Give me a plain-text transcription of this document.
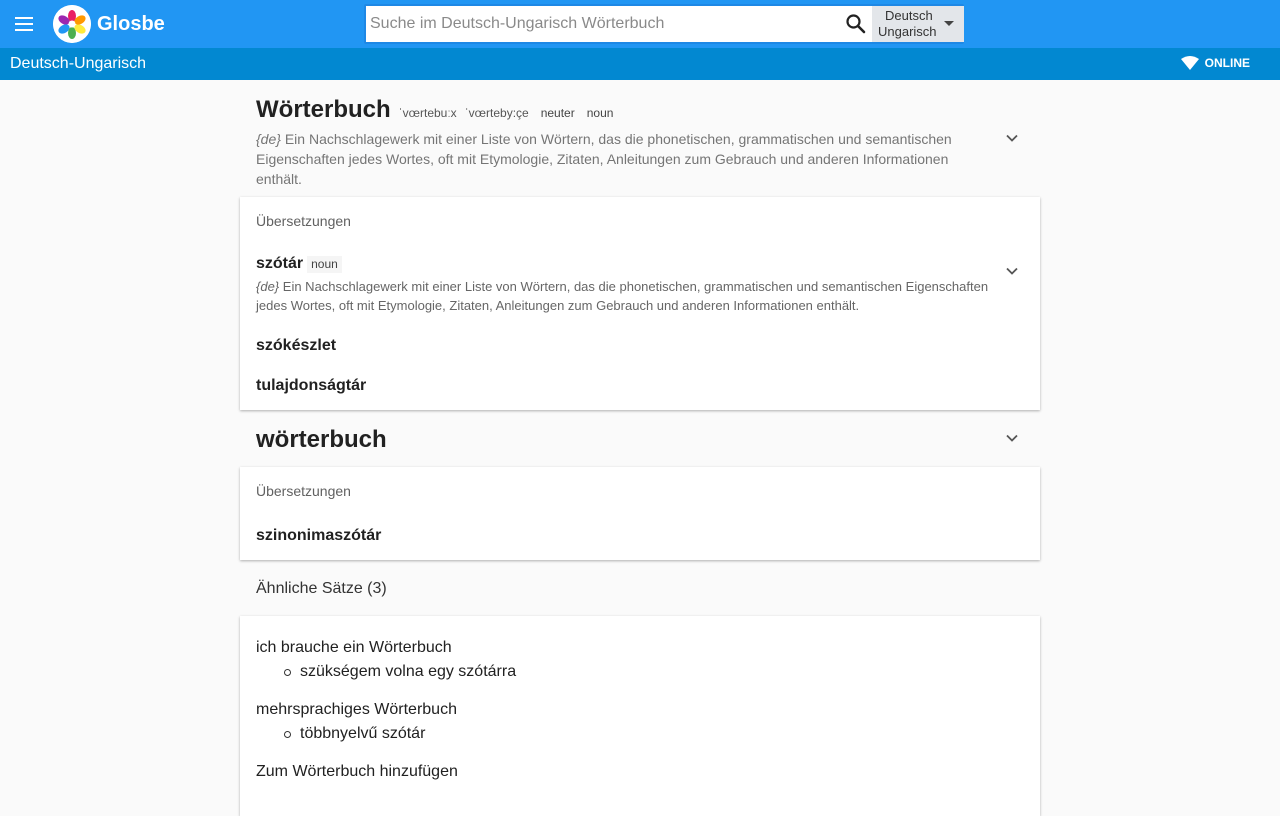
Glosbe
Suche im Deutsch-Ungarisch Wörterbuch	Deutsch
Ungarisch
Deutsch-Ungarisch	ONLINE
Wörterbuch ˈvœrtebuːx ˈvœrteby:çe neuter noun
{de} Ein Nachschlagewerk mit einer Liste von Wörtern, das die phonetischen, grammatischen und semantischen Eigenschaften jedes Wortes, oft mit Etymologie, Zitaten, Anleitungen zum Gebrauch und anderen Informationen enthält.
Übersetzungen
szótár noun
{de} Ein Nachschlagewerk mit einer Liste von Wörtern, das die phonetischen, grammatischen und semantischen Eigenschaften jedes Wortes, oft mit Etymologie, Zitaten, Anleitungen zum Gebrauch und anderen Informationen enthält.
szókészlet
tulajdonságtár
wörterbuch
Übersetzungen
szinonimaszótár
Ähnliche Sätze (3)
ich brauche ein Wörterbuch
szükségem volna egy szótárra
mehrsprachiges Wörterbuch
többnyelvű szótár
Zum Wörterbuch hinzufügen
